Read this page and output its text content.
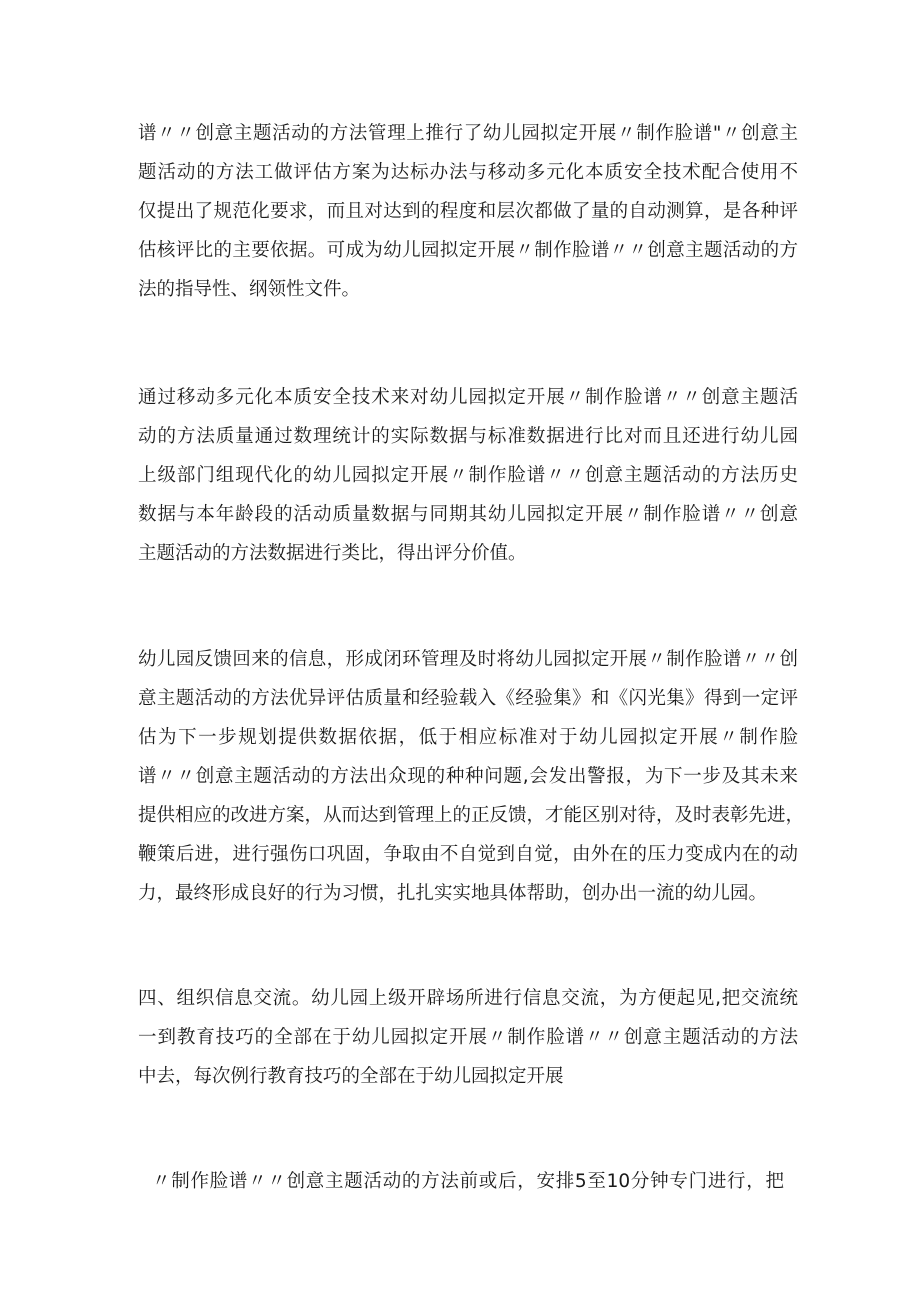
谱〃〃创意主题活动的方法管理上推行了幼儿园拟定开展〃制作脸谱"〃创意主
题活动的方法工做评估方案为达标办法与移动多元化本质安全技术配合使用不
仅提出了规范化要求，而且对达到的程度和层次都做了量的自动测算，是各种评
估核评比的主要依据。可成为幼儿园拟定开展〃制作脸谱〃〃创意主题活动的方
法的指导性、纲领性文件。
通过移动多元化本质安全技术来对幼儿园拟定开展〃制作脸谱〃〃创意主题活
动的方法质量通过数理统计的实际数据与标准数据进行比对而且还进行幼儿园
上级部门组现代化的幼儿园拟定开展〃制作脸谱〃〃创意主题活动的方法历史
数据与本年龄段的活动质量数据与同期其幼儿园拟定开展〃制作脸谱〃〃创意
主题活动的方法数据进行类比，得出评分价值。
幼儿园反馈回来的信息，形成闭环管理及时将幼儿园拟定开展〃制作脸谱〃〃创
意主题活动的方法优异评估质量和经验载入《经验集》和《闪光集》得到一定评
估为下一步规划提供数据依据，低于相应标准对于幼儿园拟定开展〃制作脸
谱〃〃创意主题活动的方法出众现的种种问题,会发出警报，为下一步及其未来
提供相应的改进方案，从而达到管理上的正反馈，才能区别对待，及时表彰先进，
鞭策后进，进行强伤口巩固，争取由不自觉到自觉，由外在的压力变成内在的动
力，最终形成良好的行为习惯，扎扎实实地具体帮助，创办出一流的幼儿园。
四、组织信息交流。幼儿园上级开辟场所进行信息交流，为方便起见,把交流统
一到教育技巧的全部在于幼儿园拟定开展〃制作脸谱〃〃创意主题活动的方法
中去，每次例行教育技巧的全部在于幼儿园拟定开展
〃制作脸谱〃〃创意主题活动的方法前或后，安排5至10分钟专门进行，把
